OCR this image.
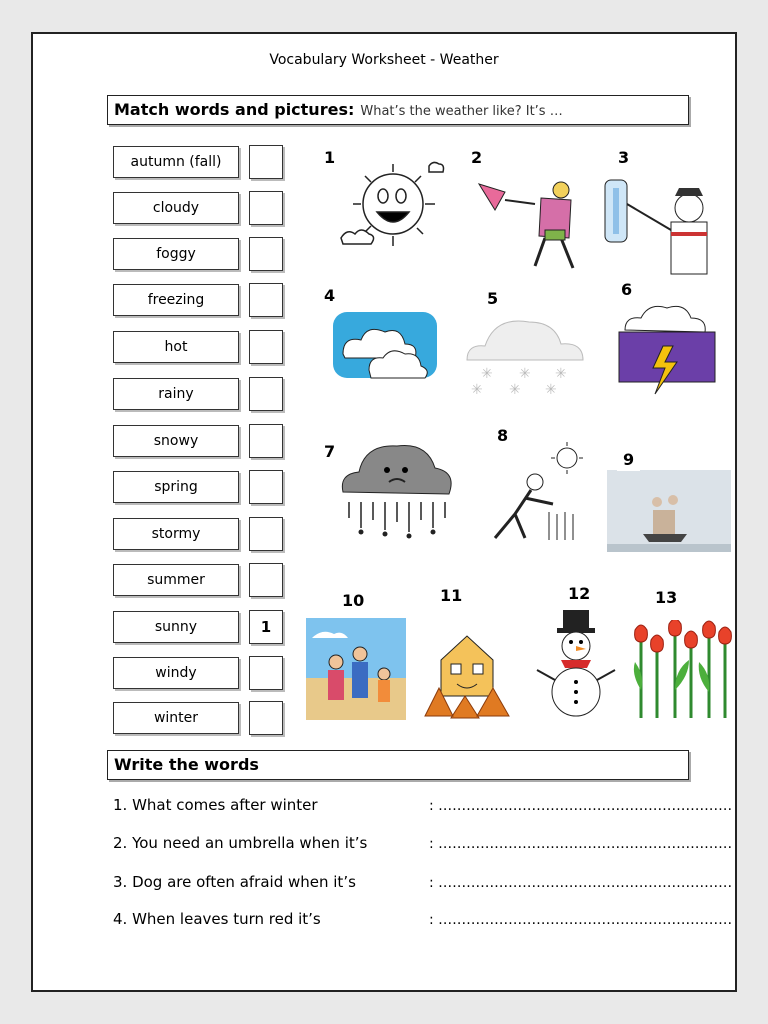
Vocabulary Worksheet - Weather
Match words and pictures: What’s the weather like? It’s …
autumn (fall)
cloudy
foggy
freezing
hot
rainy
snowy
spring
stormy
summer
sunny	1
windy
winter
1	2	3
4
✳ ✳ ✳
✳ ✳ ✳
5	6
7
8
9
10	11	12	13
Write the words
1. What comes after winter	: ………………………………………………………
2. You need an umbrella when it’s	: ………………………………………………………
3. Dog are often afraid when it’s	: ………………………………………………………
4. When leaves turn red it’s	: ………………………………………………………
